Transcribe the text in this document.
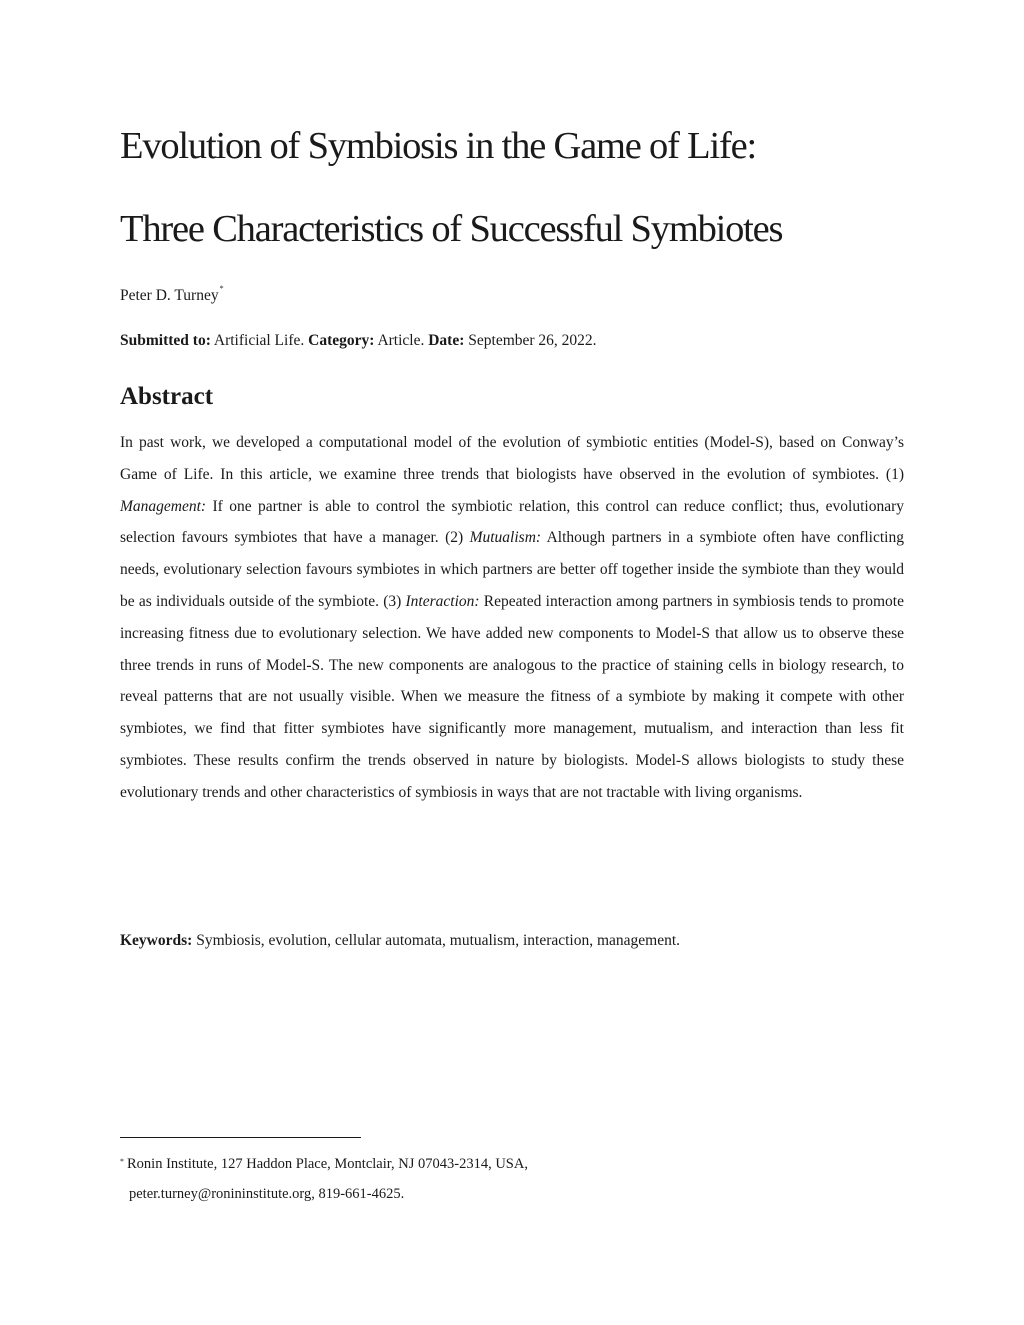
Evolution of Symbiosis in the Game of Life:
Three Characteristics of Successful Symbiotes
Peter D. Turney*
Submitted to: Artificial Life. Category: Article. Date: September 26, 2022.
Abstract

In past work, we developed a computational model of the evolution of symbiotic entities (Model-S), based on Conway’s Game of Life. In this article, we examine three trends that biologists have observed in the evolution of symbiotes. (1) Management: If one partner is able to control the symbiotic relation, this control can reduce conflict; thus, evolutionary selection favours symbiotes that have a manager. (2) Mutualism: Although partners in a symbiote often have conflicting needs, evolutionary selection favours symbiotes in which partners are better off together inside the symbiote than they would be as individuals outside of the symbiote. (3) Interaction: Repeated interaction among partners in symbiosis tends to promote increasing fitness due to evolutionary selection. We have added new components to Model-S that allow us to observe these three trends in runs of Model-S. The new components are analogous to the practice of staining cells in biology research, to reveal patterns that are not usually visible. When we measure the fitness of a symbiote by making it compete with other symbiotes, we find that fitter symbiotes have significantly more management, mutualism, and interaction than less fit symbiotes. These results confirm the trends observed in nature by biologists. Model-S allows biologists to study these evolutionary trends and other characteristics of symbiosis in ways that are not tractable with living organisms.

Keywords: Symbiosis, evolution, cellular automata, mutualism, interaction, management.
* Ronin Institute, 127 Haddon Place, Montclair, NJ 07043-2314, USA,
peter.turney@ronininstitute.org, 819-661-4625.
